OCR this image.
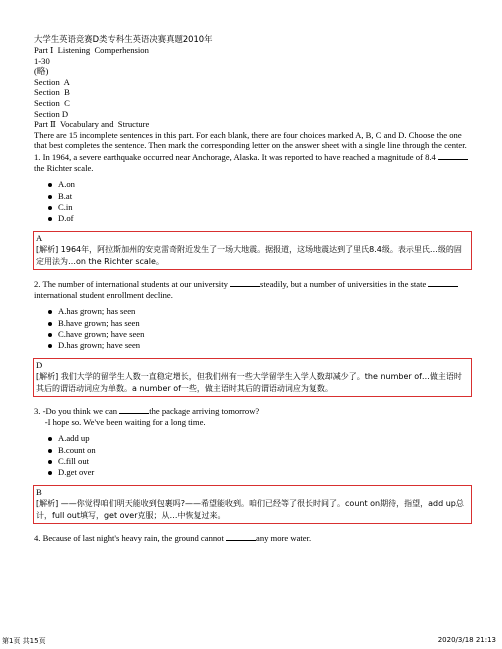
大学生英语竞赛D类专科生英语决赛真题2010年

Part Ⅰ  Listening  Comperhension

1-30

(略)

Section  A

Section  B

Section  C

Section D

Part Ⅱ  Vocabulary and  Structure

There are 15 incomplete sentences in this part. For each blank, there are four choices marked A, B, C and D. Choose the one that best completes the sentence. Then mark the corresponding letter on the answer sheet with a single line through the center.

1. In 1964, a severe earthquake occurred near Anchorage, Alaska. It was reported to have reached a magnitude of 8.4  the Richter scale.

A.on
B.at
C.in
D.of
A
[解析] 1964年，阿拉斯加州的安克雷奇附近发生了一场大地震。据报道，这场地震达到了里氏8.4级。表示里氏…级的固定用法为…on the Richter scale。

2. The number of international students at our university	steadily, but a number of universities in the state international student enrollment decline.

A.has grown; has seen
B.have grown; has seen
C.have grown; have seen
D.has grown; have seen
D
[解析] 我们大学的留学生人数一直稳定增长，但我们州有一些大学留学生入学人数却减少了。the number of…做主语时其后的谓语动词应为单数。a number of一些，做主语时其后的谓语动词应为复数。

3. -Do you think we can	the package arriving tomorrow?

-I hope so. We've been waiting for a long time.

A.add up
B.count on
C.fill out
D.get over
B
[解析] ——你觉得咱们明天能收到包裹吗?——希望能收到。咱们已经等了很长时间了。count on期待，指望，add up总计，full out填写，get over克服；从…中恢复过来。

4. Because of last night's heavy rain, the ground cannot	any more water.

第1页 共15页	2020/3/18 21:13
